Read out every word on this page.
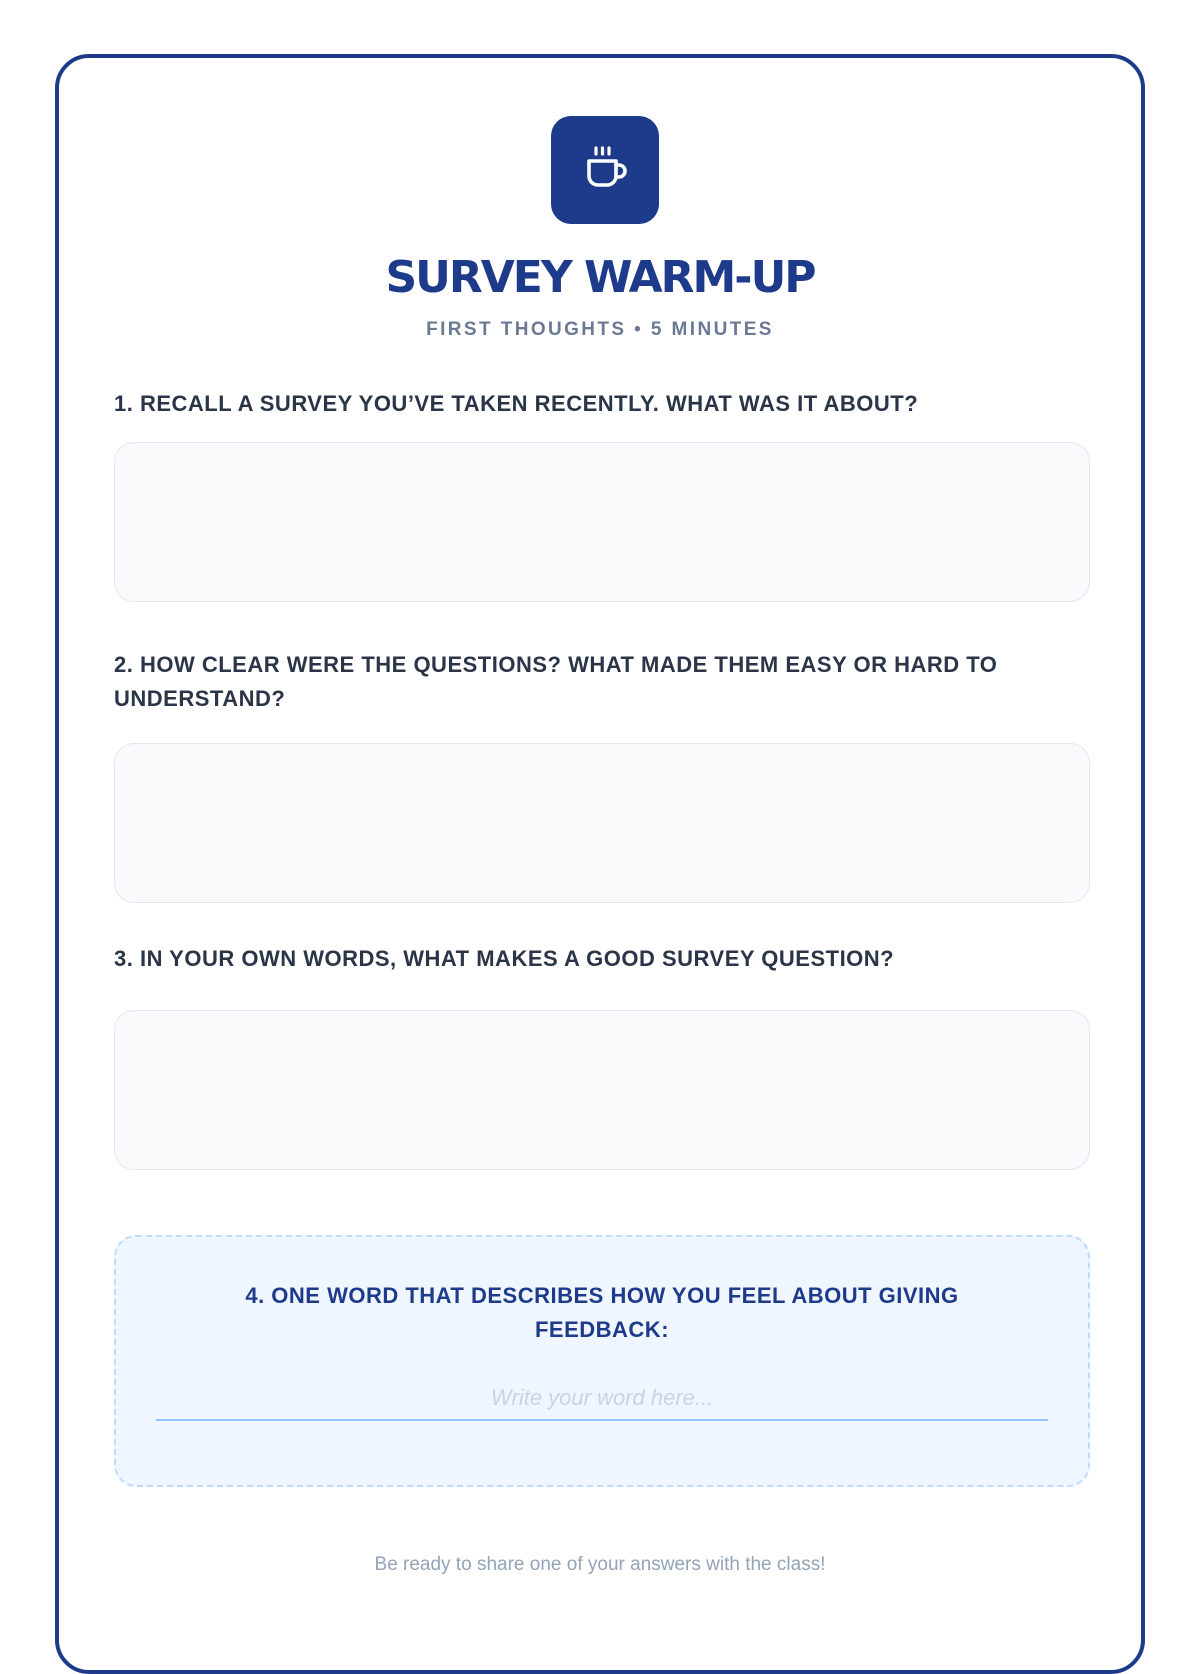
SURVEY WARM-UP
FIRST THOUGHTS • 5 MINUTES
1. RECALL A SURVEY YOU’VE TAKEN RECENTLY. WHAT WAS IT ABOUT?
2. HOW CLEAR WERE THE QUESTIONS? WHAT MADE THEM EASY OR HARD TO UNDERSTAND?
3. IN YOUR OWN WORDS, WHAT MAKES A GOOD SURVEY QUESTION?
4. ONE WORD THAT DESCRIBES HOW YOU FEEL ABOUT GIVING FEEDBACK:
Write your word here...
Be ready to share one of your answers with the class!
